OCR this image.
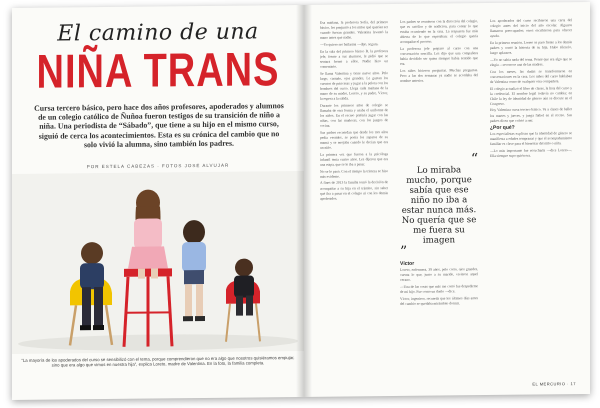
El camino de una
NIÑA TRANS
Cursa tercero básico, pero hace dos años profesores, apoderados y alumnos de un colegio católico de Ñuñoa fueron testigos de su transición de niño a niña. Una periodista de “Sábado”, que tiene a su hijo en el mismo curso, siguió de cerca los acontecimientos. Esta es su crónica del cambio que no solo vivió la alumna, sino también los padres.
POR ESTELA CABEZAS · FOTOS JOSÉ ALVUJAR
“La mayoría de los apoderados del curso se sensibilizó con el tema, porque comprendieron que no era algo que nosotros quisiéramos empujar, sino que era algo que vimos en nuestra hija”, explica Loreto, madre de Valentina. En la foto, la familia completa.

Esa mañana, la profesora Sofía, del primero básico, les preguntó a los niños qué querían ser cuando fueran grandes. Valentina levantó la mano antes que nadie.

—Yo quiero ser bailarina —dijo, segura.

En la sala del primero básico B, la profesora jefe, frente a sus alumnos, le pidió que se sentara frente a ellos. Nadie hizo un comentario.

Se llama Valentina y tiene nueve años. Pelo largo, castaño, ojos grandes. Le gustan los cuentos de princesas y jugar a la pelota con los hombres del curso. Llega cada mañana de la mano de su madre, Loreto, y su padre, Víctor, la espera a la salida.

Durante los primeros años de colegio se llamaba de otra forma y usaba el uniforme de los niños. En el recreo prefería jugar con las niñas, con las muñecas, con los juegos de cocina.

Sus padres recuerdan que desde los tres años pedía vestidos, se ponía los zapatos de su mamá y se enojaba cuando le decían que era un niño.

La primera vez que fueron a la psicóloga infantil tenía cuatro años. Les dijeron que era una etapa, que se le iba a pasar.

No se le pasó. Con el tiempo la tristeza se hizo más evidente.

A fines de 2013 la familia tomó la decisión de acompañar a su hija en el tránsito, sin saber qué iba a pasar en el colegio ni con los demás apoderados.

Los padres se reunieron con la dirección del colegio, que es católico y de tradición, para contar lo que estaba ocurriendo en la casa. La respuesta fue más abierta de lo que esperaban: el colegio quería acompañar el proceso.

La profesora jefe preparó al curso con una conversación sencilla. Les dijo que una compañera había decidido ser quien siempre había sentido que era.

Los niños hicieron preguntas. Muchas preguntas. Pero a las dos semanas ya nadie se acordaba del nombre anterior.

“
Lo miraba mucho, porque sabía que ese niño no iba a estar nunca más. No quería que se me fuera su imagen
”
Víctor

Loreto, enfermera, 39 años, pelo corto, ojos grandes, cuenta lo que, junto a su marido, vivieron aquel verano.

—Una de las cosas que más me costó fue despedirme de mi hijo. Fue como un duelo —dice.

Víctor, ingeniero, recuerda que los últimos días antes del cambio se quedaba mirándolo dormir.

Los apoderados del curso recibieron una carta del colegio antes del inicio del año escolar. Algunos llamaron preocupados; otros escribieron para ofrecer ayuda.

En la primera reunión, Loreto se paró frente a los demás padres y contó la historia de su hija. Hubo silencio, luego aplausos.

—Yo no sabía nada del tema. Pensé que era algo que se elegía —reconoce una de las madres.

Con los meses, las dudas se transformaron en conversaciones en la casa. Los niños del curso hablaban de Valentina como de cualquier otra compañera.

El colegio actualizó el libro de clases, la lista del curso y la credencial. El nombre legal todavía no cambia; en Chile la ley de identidad de género aún se discute en el Congreso.

Hoy Valentina cursa tercero básico. Va a clases de ballet los martes y jueves, y juega fútbol en el recreo. Sus padres dicen que volvió a reír.

¿Por qué?

Los especialistas explican que la identidad de género se manifiesta a edades tempranas y que el acompañamiento familiar es clave para el bienestar del niño o niña.

—Lo más importante fue escucharla —dice Loreto—. Ella siempre supo quién era.

EL MERCURIO · 17
